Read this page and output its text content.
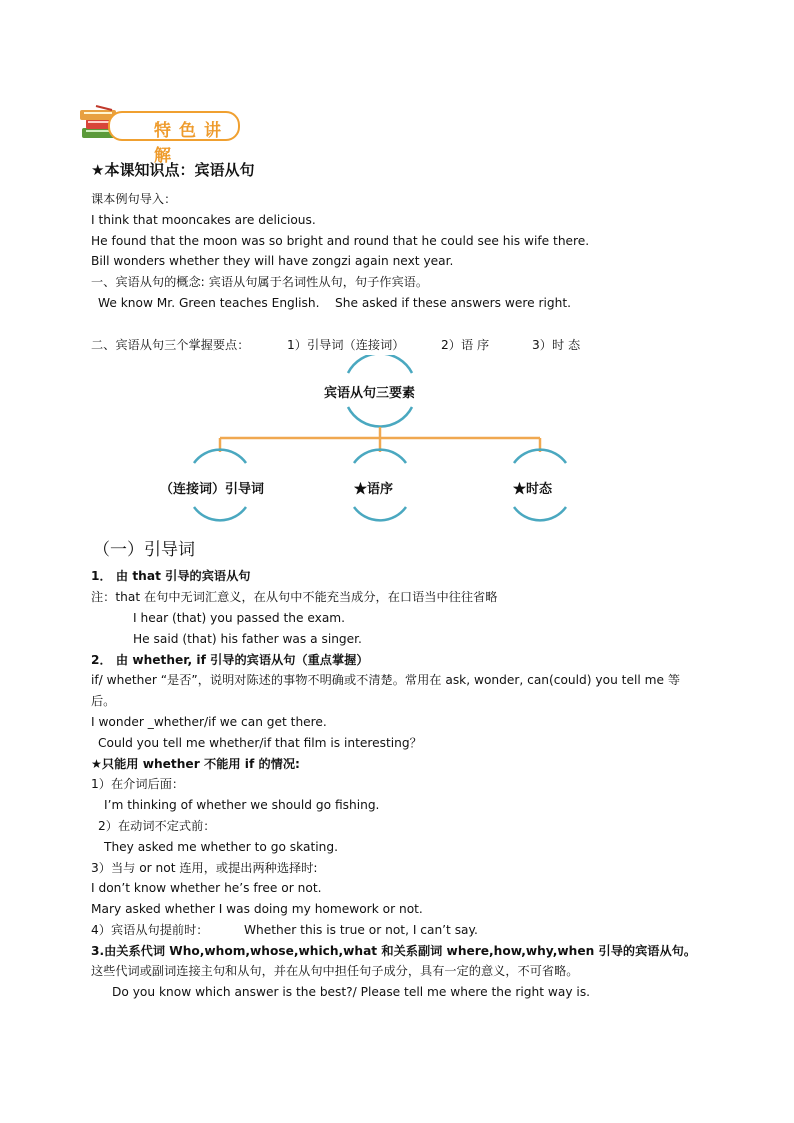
特色讲解
★本课知识点：宾语从句
课本例句导入：
I think that mooncakes are delicious.
He found that the moon was so bright and round that he could see his wife there.
Bill wonders whether they will have zongzi again next year.
一、宾语从句的概念: 宾语从句属于名词性从句，句子作宾语。
We know Mr. Green teaches English. She asked if these answers were right.
二、宾语从句三个掌握要点：	1）引导词（连接词）	2）语 序	3）时 态
宾语从句三要素
（连接词）引导词	★语序	★时态
（一）引导词
1． 由 that 引导的宾语从句
注：that 在句中无词汇意义，在从句中不能充当成分，在口语当中往往省略
I hear (that) you passed the exam.
He said (that) his father was a singer.
2． 由 whether, if 引导的宾语从句（重点掌握）
if/ whether “是否”，说明对陈述的事物不明确或不清楚。常用在 ask, wonder, can(could) you tell me 等
后。
I wonder _whether/if we can get there.
Could you tell me whether/if that film is interesting？
★只能用 whether 不能用 if 的情况:
1）在介词后面：
I’m thinking of whether we should go fishing.
2）在动词不定式前：
They asked me whether to go skating.
3）当与 or not 连用，或提出两种选择时:
I don’t know whether he’s free or not.
Mary asked whether I was doing my homework or not.
4）宾语从句提前时：	Whether this is true or not, I can’t say.
3.由关系代词 Who,whom,whose,which,what 和关系副词 where,how,why,when 引导的宾语从句。
这些代词或副词连接主句和从句，并在从句中担任句子成分，具有一定的意义，不可省略。
Do you know which answer is the best?/ Please tell me where the right way is.
